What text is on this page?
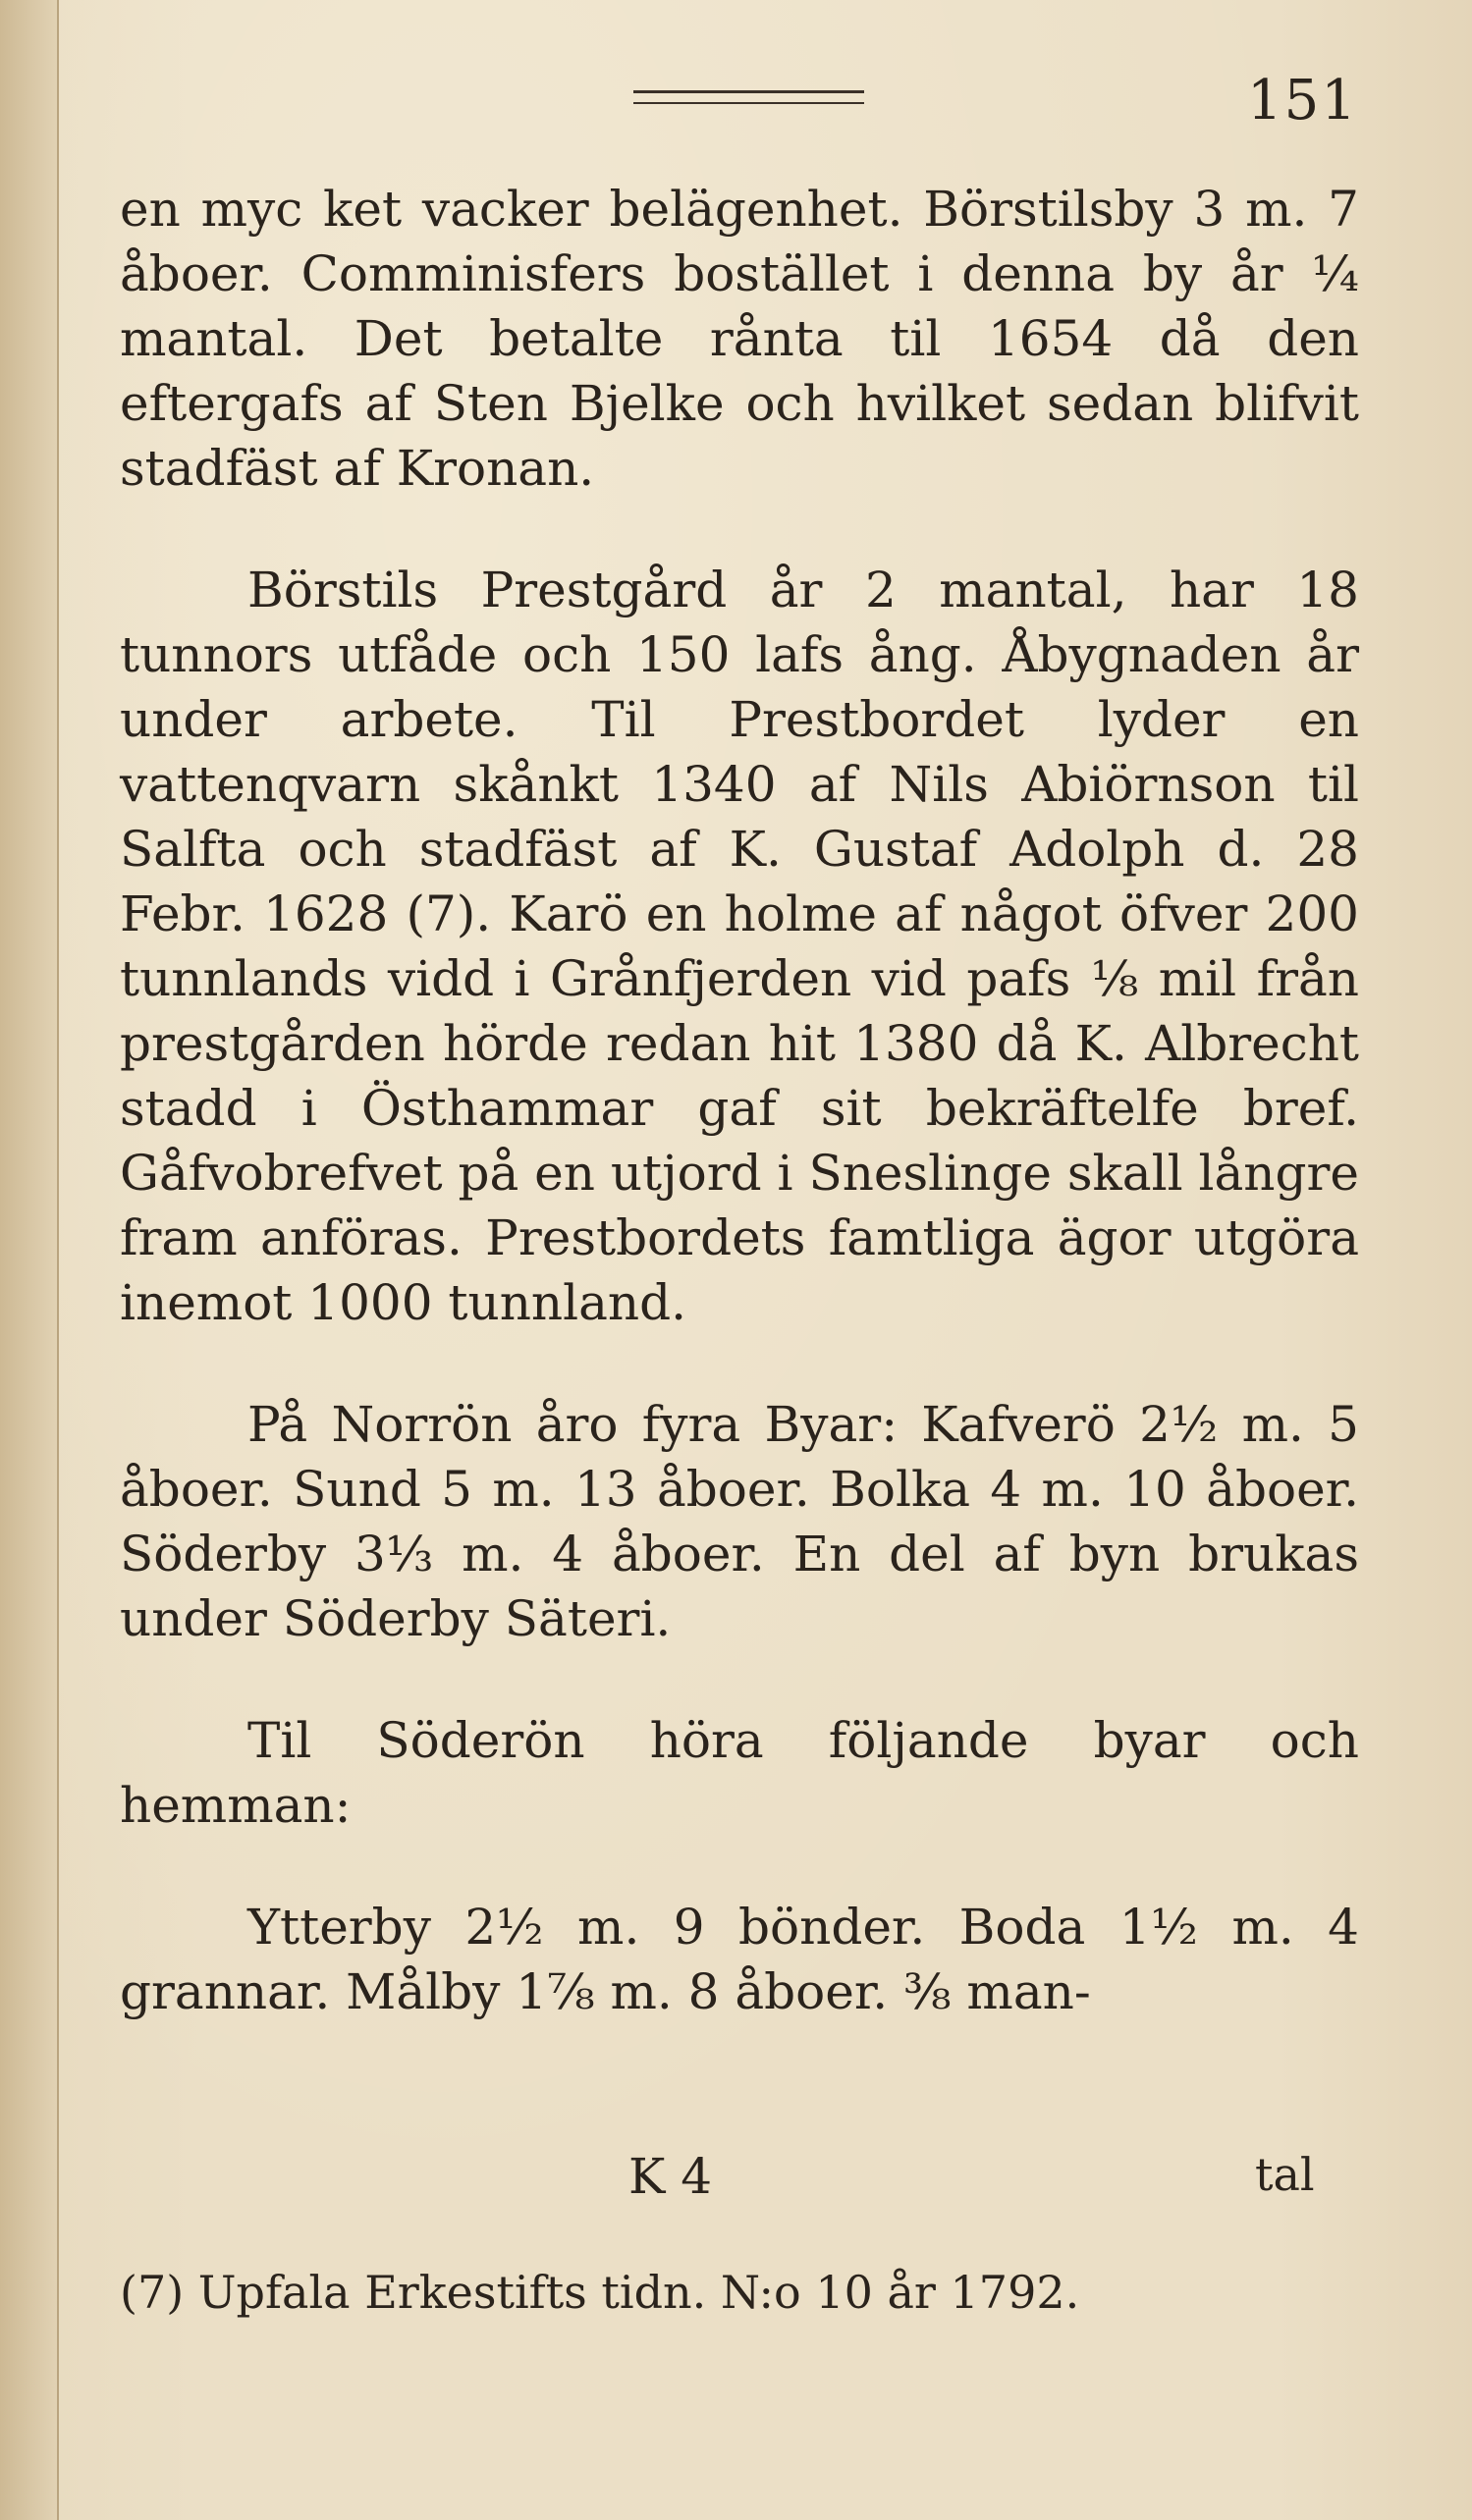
151

en myc ket vacker belägenhet. Börstilsby 3 m. 7 åboer. Comminisfers bostället i denna by år ¼ mantal. Det betalte rånta til 1654 då den eftergafs af Sten Bjelke och hvilket sedan blifvit stadfäst af Kronan.

Börstils Prestgård år 2 mantal, har 18 tunnors utfåde och 150 lafs ång. Åbygnaden år under arbete. Til Prestbordet lyder en vattenqvarn skånkt 1340 af Nils Abiörnson til Salfta och stadfäst af K. Gustaf Adolph d. 28 Febr. 1628 (7). Karö en holme af något öfver 200 tunnlands vidd i Grånfjerden vid pafs ⅛ mil från prestgården hörde redan hit 1380 då K. Albrecht stadd i Östhammar gaf sit bekräftelfe bref. Gåfvobrefvet på en utjord i Sneslinge skall långre fram anföras. Prestbordets famtliga ägor utgöra inemot 1000 tunnland.

På Norrön åro fyra Byar: Kafverö 2½ m. 5 åboer. Sund 5 m. 13 åboer. Bolka 4 m. 10 åboer. Söderby 3⅓ m. 4 åboer. En del af byn brukas under Söderby Säteri.

Til Söderön höra följande byar och hemman:

Ytterby 2½ m. 9 bönder. Boda 1½ m. 4 grannar. Målby 1⅞ m. 8 åboer. ⅜ man-

K 4	tal
(7) Upfala Erkestifts tidn. N:o 10 år 1792.
